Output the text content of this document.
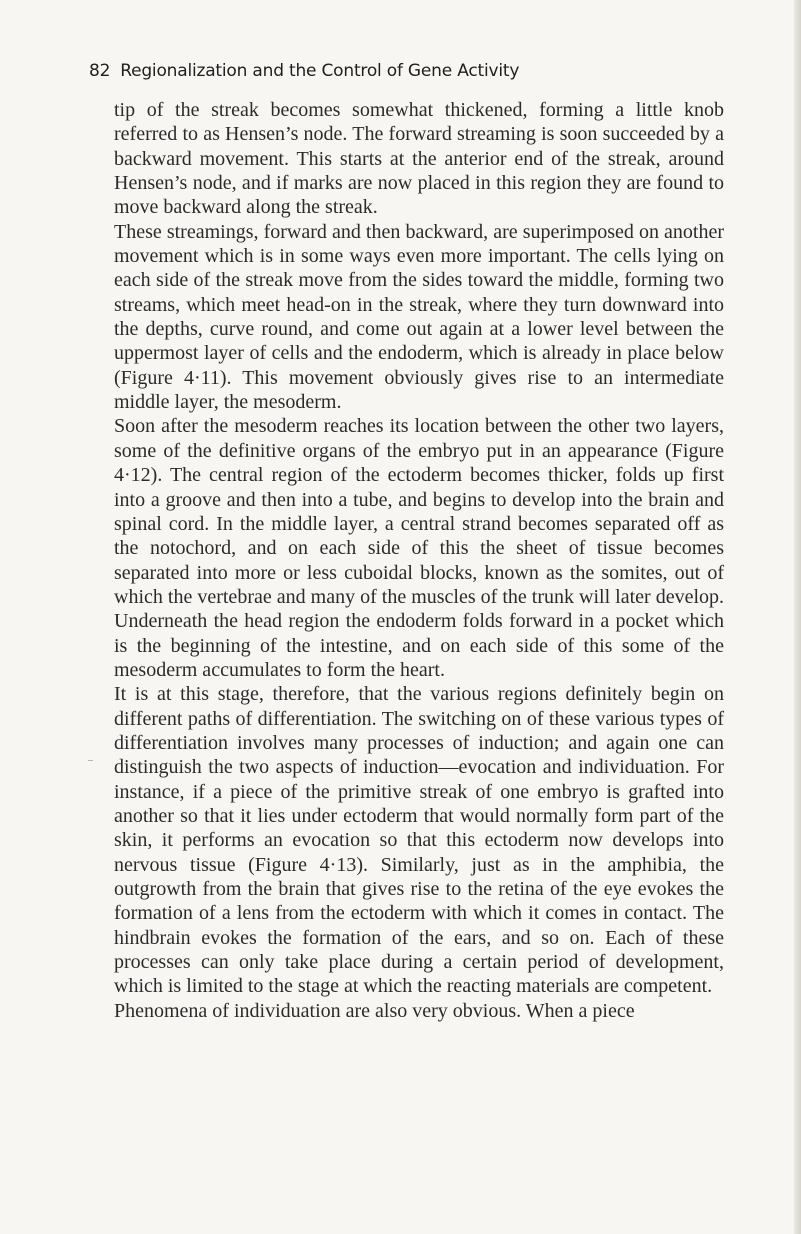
82 Regionalization and the Control of Gene Activity

tip of the streak becomes somewhat thickened, forming a little knob referred to as Hensen’s node. The forward streaming is soon succeeded by a backward movement. This starts at the anterior end of the streak, around Hensen’s node, and if marks are now placed in this region they are found to move backward along the streak.

These streamings, forward and then backward, are superimposed on another movement which is in some ways even more important. The cells lying on each side of the streak move from the sides toward the middle, forming two streams, which meet head-on in the streak, where they turn downward into the depths, curve round, and come out again at a lower level between the uppermost layer of cells and the endoderm, which is already in place below (Figure 4·11). This movement obviously gives rise to an intermediate middle layer, the mesoderm.

Soon after the mesoderm reaches its location between the other two layers, some of the definitive organs of the embryo put in an appearance (Figure 4·12). The central region of the ectoderm becomes thicker, folds up first into a groove and then into a tube, and begins to develop into the brain and spinal cord. In the middle layer, a central strand becomes separated off as the notochord, and on each side of this the sheet of tissue becomes separated into more or less cuboidal blocks, known as the somites, out of which the vertebrae and many of the muscles of the trunk will later develop. Underneath the head region the endoderm folds forward in a pocket which is the beginning of the intestine, and on each side of this some of the mesoderm accumulates to form the heart.

It is at this stage, therefore, that the various regions definitely begin on different paths of differentiation. The switching on of these various types of differentiation involves many processes of induction; and again one can distinguish the two aspects of induction—evocation and individuation. For instance, if a piece of the primitive streak of one embryo is grafted into another so that it lies under ectoderm that would normally form part of the skin, it performs an evocation so that this ectoderm now develops into nervous tissue (Figure 4·13). Similarly, just as in the amphibia, the outgrowth from the brain that gives rise to the retina of the eye evokes the formation of a lens from the ectoderm with which it comes in contact. The hindbrain evokes the formation of the ears, and so on. Each of these processes can only take place during a certain period of development, which is limited to the stage at which the reacting materials are competent.

Phenomena of individuation are also very obvious. When a piece
